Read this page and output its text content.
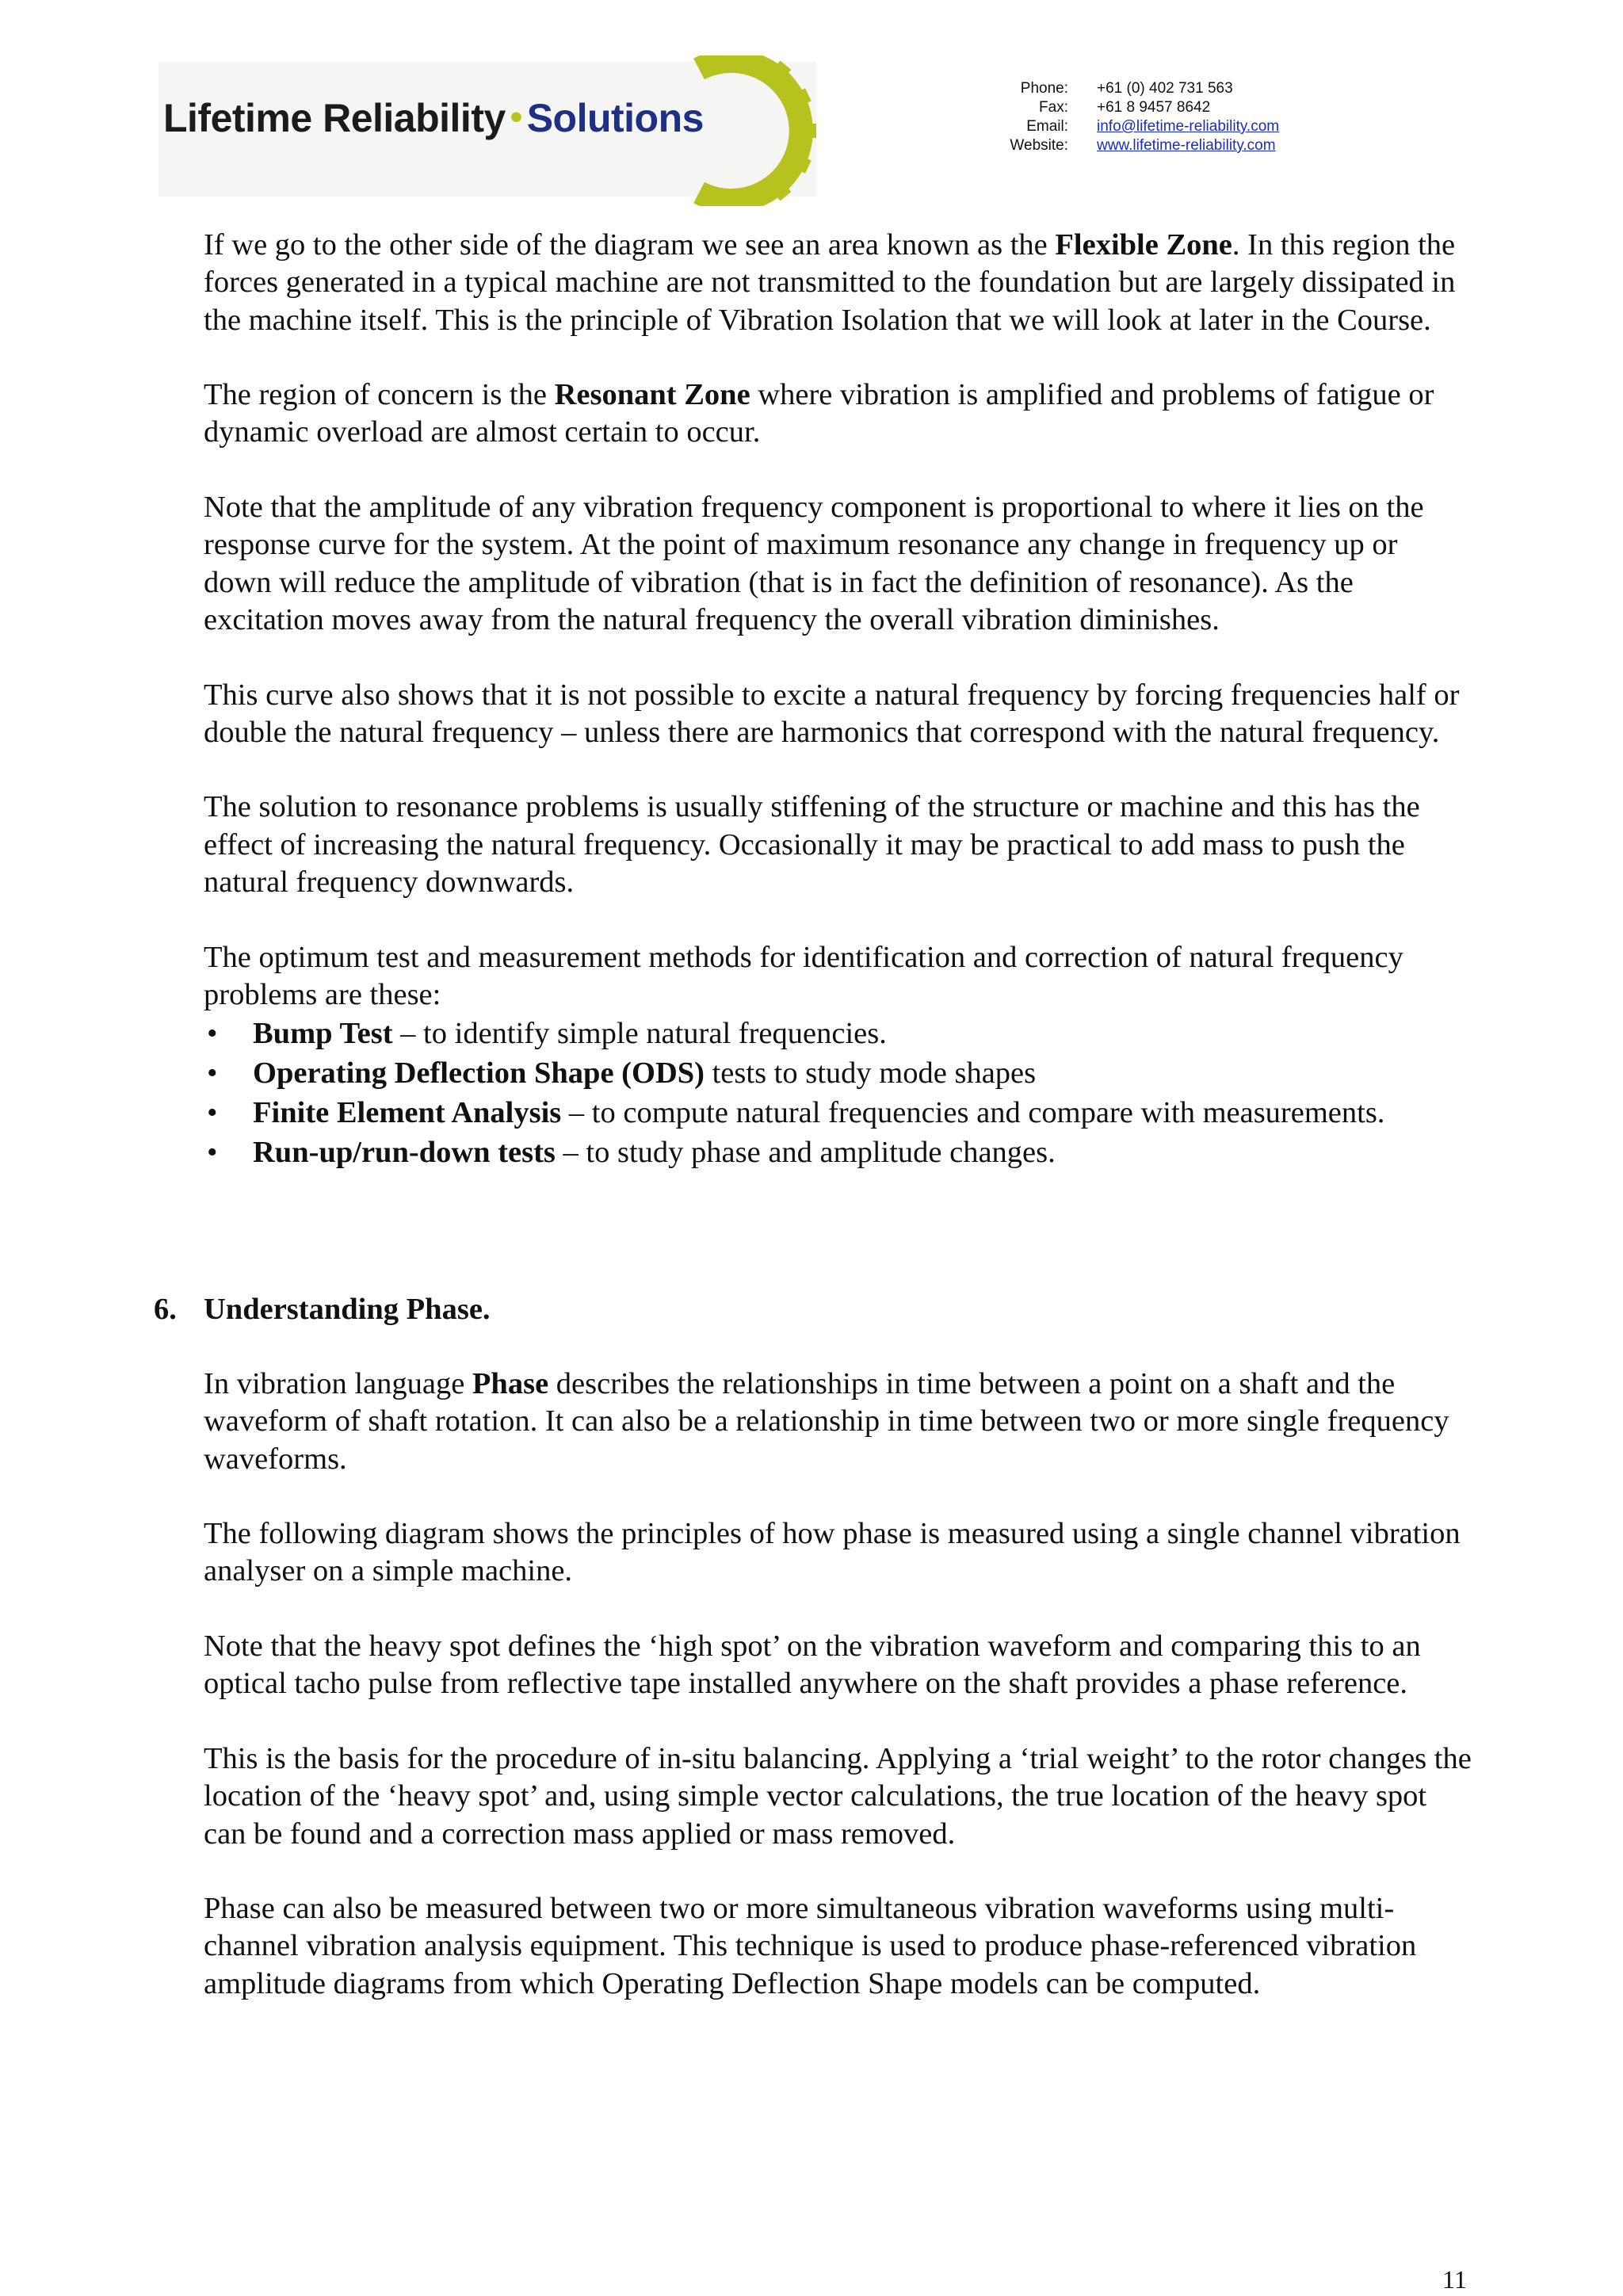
Lifetime Reliability • Solutions
Phone:	+61 (0) 402 731 563
Fax:	+61 8 9457 8642
Email:	info@lifetime-reliability.com
Website:	www.lifetime-reliability.com

If we go to the other side of the diagram we see an area known as the Flexible Zone. In this region the forces generated in a typical machine are not transmitted to the foundation but are largely dissipated in the machine itself. This is the principle of Vibration Isolation that we will look at later in the Course.

The region of concern is the Resonant Zone where vibration is amplified and problems of fatigue or dynamic overload are almost certain to occur.

Note that the amplitude of any vibration frequency component is proportional to where it lies on the response curve for the system. At the point of maximum resonance any change in frequency up or down will reduce the amplitude of vibration (that is in fact the definition of resonance). As the excitation moves away from the natural frequency the overall vibration diminishes.

This curve also shows that it is not possible to excite a natural frequency by forcing frequencies half or double the natural frequency – unless there are harmonics that correspond with the natural frequency.

The solution to resonance problems is usually stiffening of the structure or machine and this has the effect of increasing the natural frequency. Occasionally it may be practical to add mass to push the natural frequency downwards.

The optimum test and measurement methods for identification and correction of natural frequency problems are these:

• Bump Test – to identify simple natural frequencies.
• Operating Deflection Shape (ODS) tests to study mode shapes
• Finite Element Analysis – to compute natural frequencies and compare with measurements.
• Run-up/run-down tests – to study phase and amplitude changes.
6. Understanding Phase.

In vibration language Phase describes the relationships in time between a point on a shaft and the waveform of shaft rotation. It can also be a relationship in time between two or more single frequency waveforms.

The following diagram shows the principles of how phase is measured using a single channel vibration analyser on a simple machine.

Note that the heavy spot defines the ‘high spot’ on the vibration waveform and comparing this to an optical tacho pulse from reflective tape installed anywhere on the shaft provides a phase reference.

This is the basis for the procedure of in-situ balancing. Applying a ‘trial weight’ to the rotor changes the location of the ‘heavy spot’ and, using simple vector calculations, the true location of the heavy spot can be found and a correction mass applied or mass removed.

Phase can also be measured between two or more simultaneous vibration waveforms using multi-channel vibration analysis equipment. This technique is used to produce phase-referenced vibration amplitude diagrams from which Operating Deflection Shape models can be computed.

11
